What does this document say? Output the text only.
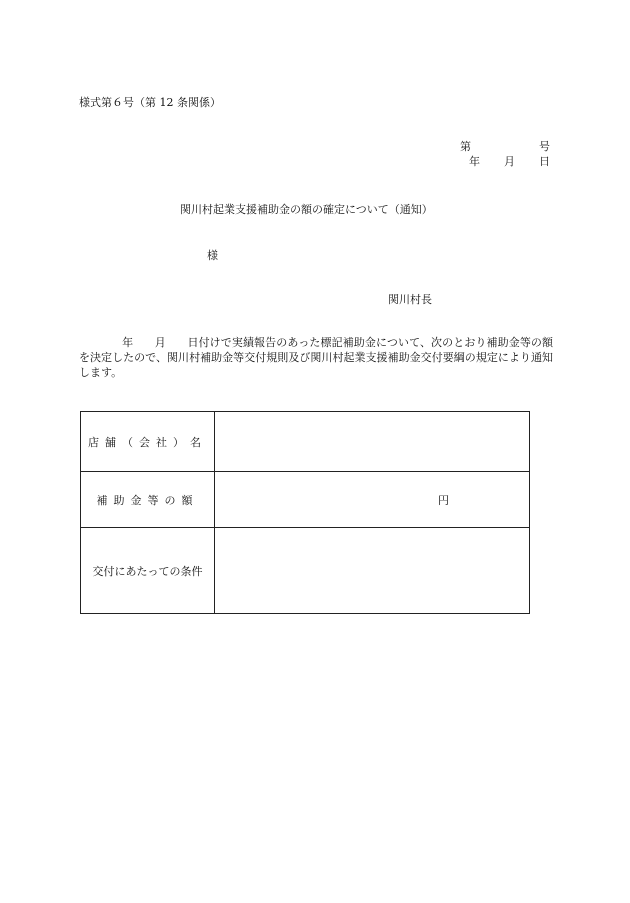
様式第６号（第 12 条関係）

第	号
年 月 日

関川村起業支援補助金の額の確定について（通知）

様

関川村長

年 月 日付けで実績報告のあった標記補助金について、次のとおり補助金等の額を決定したので、関川村補助金等交付規則及び関川村起業支援補助金交付要綱の規定により通知します。

店舗（会社）名	
補助金等の額	円

交付にあたっての条件	
